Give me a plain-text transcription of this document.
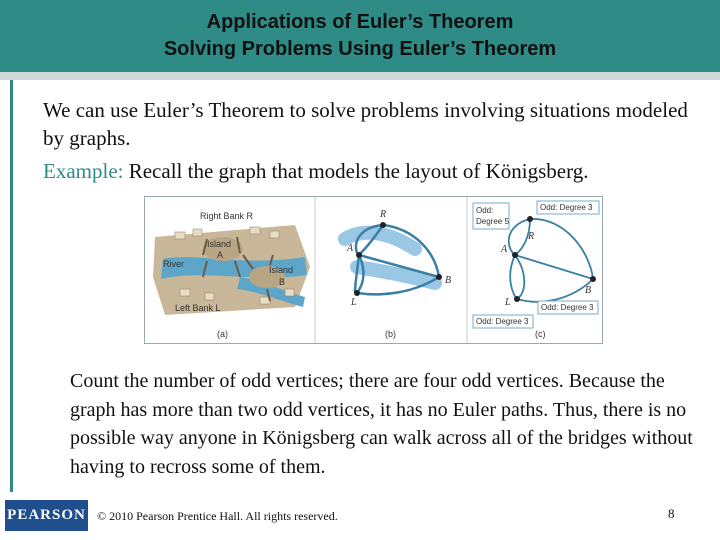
Applications of Euler’s Theorem
Solving Problems Using Euler’s Theorem
We can use Euler’s Theorem to solve problems involving situations modeled by graphs.
Example: Recall the graph that models the layout of Königsberg.
Right Bank R
Island
A
River
Island
B
Left Bank L
(a)
R
A
B
L
(b)
Odd:
Degree 5
Odd: Degree 3
Odd: Degree 3
Odd: Degree 3
R
A
B
L
(c)
Count the number of odd vertices; there are four odd vertices. Because the graph has more than two odd vertices, it has no Euler paths. Thus, there is no possible way anyone in Königsberg can walk across all of the bridges without having to recross some of them.
PEARSON © 2010 Pearson Prentice Hall. All rights reserved.	8
